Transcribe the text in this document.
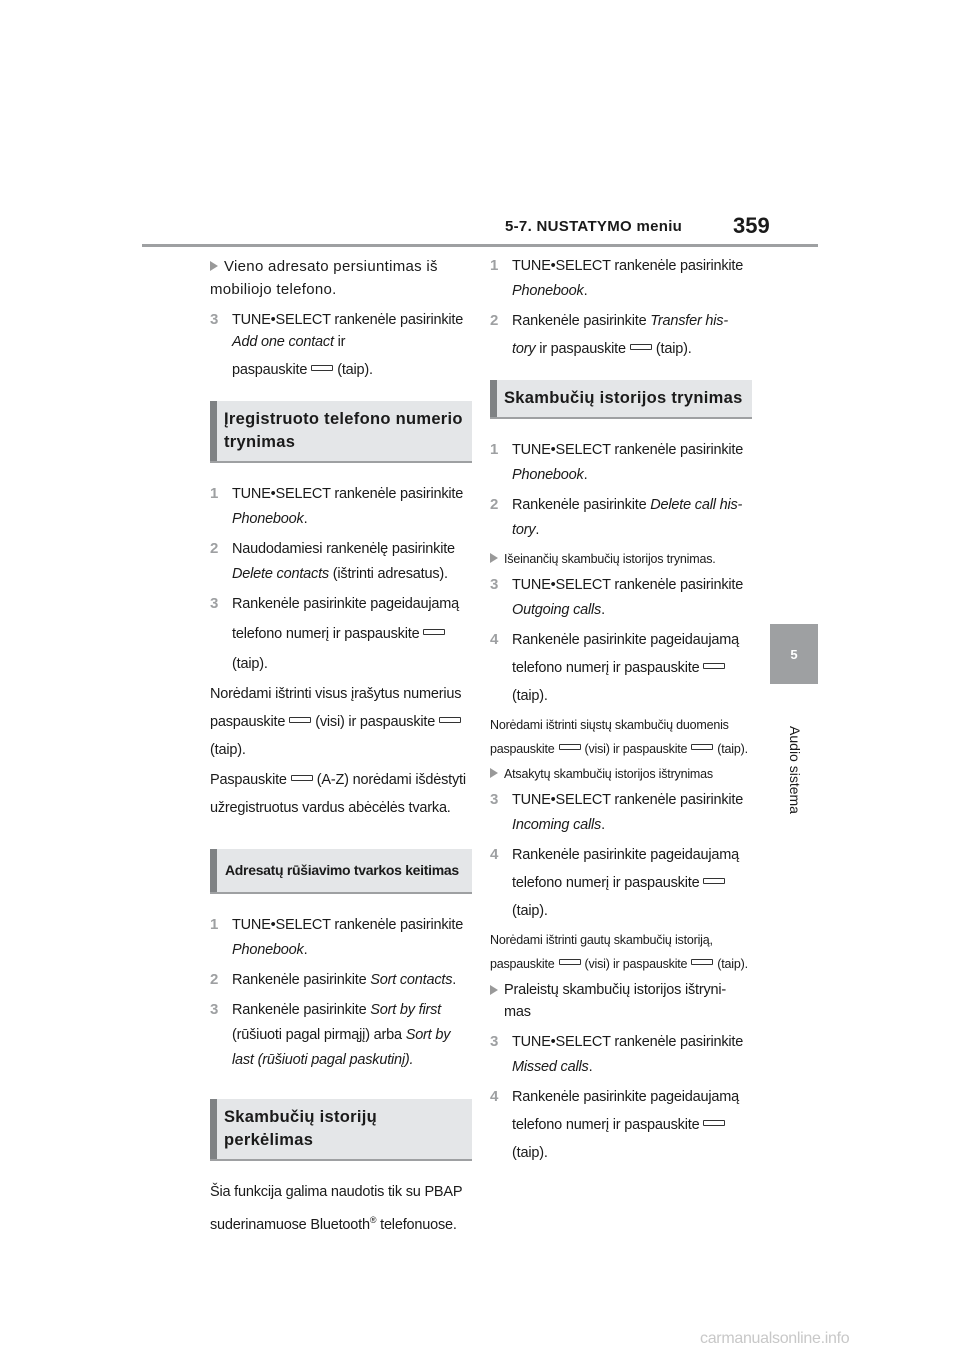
5-7. NUSTATYMO meniu 359
5
Audio sistema
Vieno adresato persiuntimas iš mobiliojo telefono.
3 TUNE•SELECT rankenėle pasirinkite Add one contact ir
paspauskite (taip).
Įregistruoto telefono numerio trynimas
1 TUNE•SELECT rankenėle pasirinkite
Phonebook.
2 Naudodamiesi rankenėlę pasirinkite
Delete contacts (ištrinti adresatus).
3 Rankenėle pasirinkite pageidaujamą
telefono numerį ir paspauskite
(taip).
Norėdami ištrinti visus įrašytus numerius
paspauskite (visi) ir paspauskite
(taip).
Paspauskite (A-Z) norėdami išdėstyti
užregistruotus vardus abėcėlės tvarka.
Adresatų rūšiavimo tvarkos keitimas
1 TUNE•SELECT rankenėle pasirinkite
Phonebook.
2 Rankenėle pasirinkite Sort contacts.
3 Rankenėle pasirinkite Sort by first
(rūšiuoti pagal pirmąjį) arba Sort by
last (rūšiuoti pagal paskutinį).
Skambučių istorijų perkėlimas
Šia funkcija galima naudotis tik su PBAP
suderinamuose Bluetooth® telefonuose.
1 TUNE•SELECT rankenėle pasirinkite
Phonebook.
2 Rankenėle pasirinkite Transfer his-
tory ir paspauskite (taip).
Skambučių istorijos trynimas
1 TUNE•SELECT rankenėle pasirinkite
Phonebook.
2 Rankenėle pasirinkite Delete call his-
tory.
Išeinančių skambučių istorijos trynimas.
3 TUNE•SELECT rankenėle pasirinkite
Outgoing calls.
4 Rankenėle pasirinkite pageidaujamą
telefono numerį ir paspauskite
(taip).
Norėdami ištrinti siųstų skambučių duomenis
paspauskite (visi) ir paspauskite (taip).
Atsakytų skambučių istorijos ištrynimas
3 TUNE•SELECT rankenėle pasirinkite
Incoming calls.
4 Rankenėle pasirinkite pageidaujamą
telefono numerį ir paspauskite
(taip).
Norėdami ištrinti gautų skambučių istoriją,
paspauskite (visi) ir paspauskite (taip).
Praleistų skambučių istorijos ištryni-mas
3 TUNE•SELECT rankenėle pasirinkite
Missed calls.
4 Rankenėle pasirinkite pageidaujamą
telefono numerį ir paspauskite
(taip).
carmanualsonline.info
